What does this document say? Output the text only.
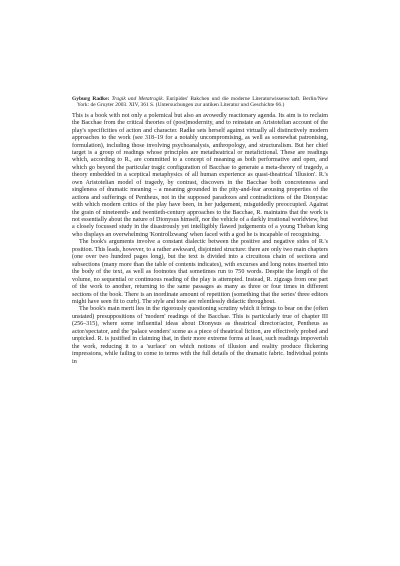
Gyburg Radke: Tragik und Metatragik. Euripides' Bakchen und die moderne Literaturwissenschaft. Berlin/New York: de Gruyter 2003. XIV, 361 S. (Untersuchungen zur antiken Literatur und Geschichte 66.)

This is a book with not only a polemical but also an avowedly reactionary agenda. Its aim is to reclaim the Bacchae from the critical theories of (post)modernity, and to reinstate an Aristotelian account of the play's specificities of action and character. Radke sets herself against virtually all distinctively modern approaches to the work (see 318–19 for a notably uncompromising, as well as somewhat patronising, formulation), including those involving psychoanalysis, anthropology, and structuralism. But her chief target is a group of readings whose principles are metatheatrical or metafictional. These are readings which, according to R., are committed to a concept of meaning as both performative and open, and which go beyond the particular tragic configuration of Bacchae to generate a meta-theory of tragedy, a theory embedded in a sceptical metaphysics of all human experience as quasi-theatrical 'illusion'. R.'s own Aristotelian model of tragedy, by contrast, discovers in the Bacchae both concreteness and singleness of dramatic meaning – a meaning grounded in the pity-and-fear arousing properties of the actions and sufferings of Pentheus, not in the supposed paradoxes and contradictions of the Dionysiac with which modern critics of the play have been, in her judgement, misguidedly preoccupied. Against the grain of nineteenth- and twentieth-century approaches to the Bacchae, R. maintains that the work is not essentially about the nature of Dionysus himself, nor the vehicle of a darkly irrational worldview, but a closely focussed study in the disastrously yet intelligibly flawed judgements of a young Theban king who displays an overwhelming 'Kontrollzwang' when faced with a god he is incapable of recognising.

The book's arguments involve a constant dialectic between the positive and negative sides of R.'s position. This leads, however, to a rather awkward, disjointed structure: there are only two main chapters (one over two hundred pages long), but the text is divided into a circuitous chain of sections and subsections (many more than the table of contents indicates), with excurses and long notes inserted into the body of the text, as well as footnotes that sometimes run to 750 words. Despite the length of the volume, no sequential or continuous reading of the play is attempted. Instead, R. zigzags from one part of the work to another, returning to the same passages as many as three or four times in different sections of the book. There is an inordinate amount of repetition (something that the series' three editors might have seen fit to curb). The style and tone are relentlessly didactic throughout.

The book's main merit lies in the rigorously questioning scrutiny which it brings to bear on the (often unstated) presuppositions of 'modern' readings of the Bacchae. This is particularly true of chapter III (256–315), where some influential ideas about Dionysus as theatrical director/actor, Pentheus as actor/spectator, and the 'palace wonders' scene as a piece of theatrical fiction, are effectively probed and unpicked. R. is justified in claiming that, in their more extreme forms at least, such readings impoverish the work, reducing it to a 'surface' on which notions of illusion and reality produce flickering impressions, while failing to come to terms with the full details of the dramatic fabric. Individual points in
